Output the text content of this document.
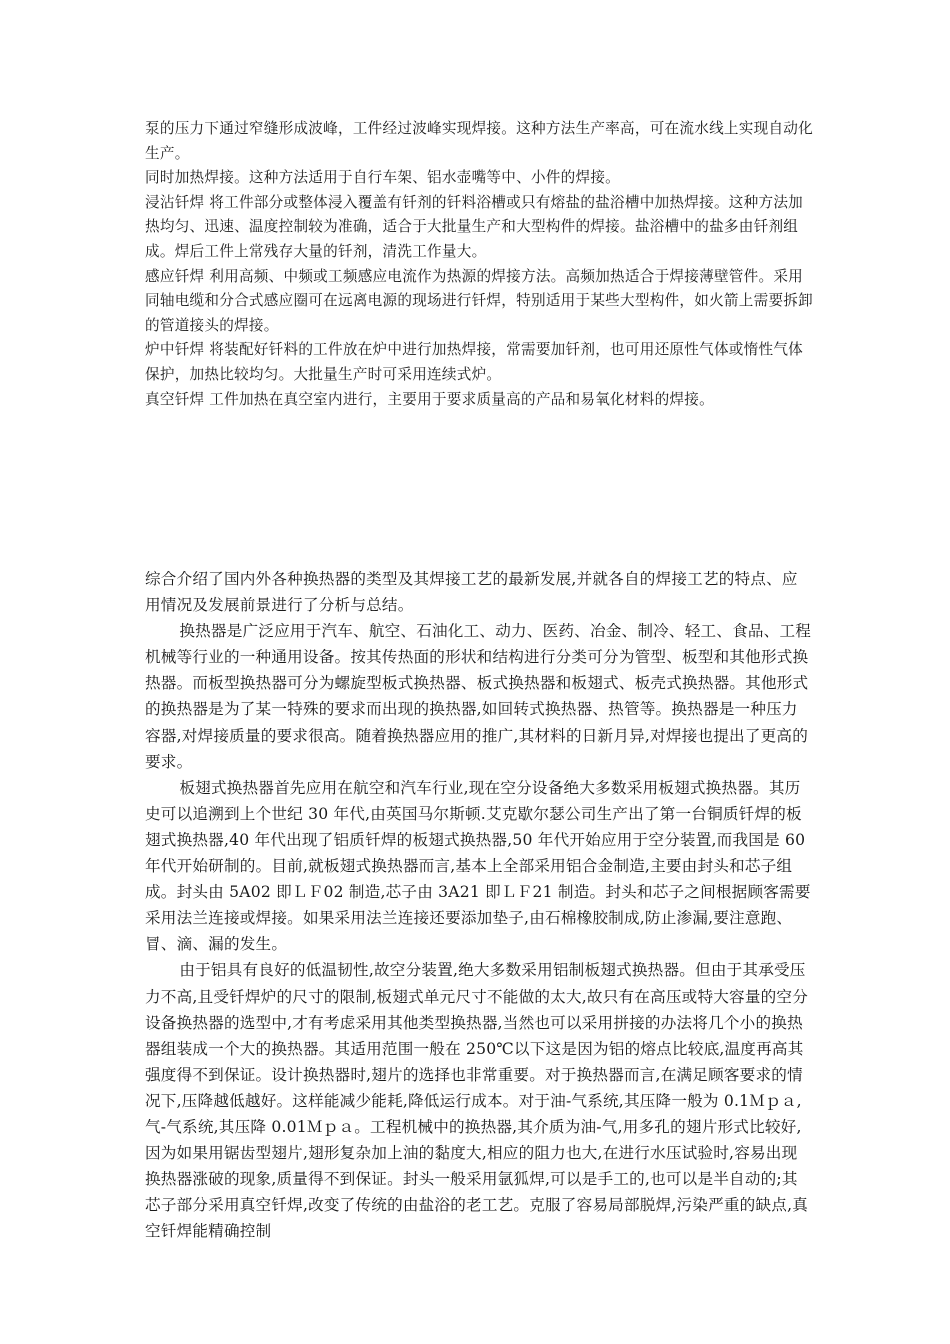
泵的压力下通过窄缝形成波峰，工件经过波峰实现焊接。这种方法生产率高，可在流水线上实现自动化生产。

同时加热焊接。这种方法适用于自行车架、铝水壶嘴等中、小件的焊接。

浸沾钎焊 将工件部分或整体浸入覆盖有钎剂的钎料浴槽或只有熔盐的盐浴槽中加热焊接。这种方法加热均匀、迅速、温度控制较为准确，适合于大批量生产和大型构件的焊接。盐浴槽中的盐多由钎剂组成。焊后工件上常残存大量的钎剂，清洗工作量大。

感应钎焊 利用高频、中频或工频感应电流作为热源的焊接方法。高频加热适合于焊接薄壁管件。采用同轴电缆和分合式感应圈可在远离电源的现场进行钎焊，特别适用于某些大型构件，如火箭上需要拆卸的管道接头的焊接。

炉中钎焊 将装配好钎料的工件放在炉中进行加热焊接，常需要加钎剂，也可用还原性气体或惰性气体保护，加热比较均匀。大批量生产时可采用连续式炉。

真空钎焊 工件加热在真空室内进行，主要用于要求质量高的产品和易氧化材料的焊接。

综合介绍了国内外各种换热器的类型及其焊接工艺的最新发展,并就各自的焊接工艺的特点、应用情况及发展前景进行了分析与总结。

换热器是广泛应用于汽车、航空、石油化工、动力、医药、冶金、制冷、轻工、食品、工程机械等行业的一种通用设备。按其传热面的形状和结构进行分类可分为管型、板型和其他形式换热器。而板型换热器可分为螺旋型板式换热器、板式换热器和板翅式、板壳式换热器。其他形式的换热器是为了某一特殊的要求而出现的换热器,如回转式换热器、热管等。换热器是一种压力容器,对焊接质量的要求很高。随着换热器应用的推广,其材料的日新月异,对焊接也提出了更高的要求。

板翅式换热器首先应用在航空和汽车行业,现在空分设备绝大多数采用板翅式换热器。其历史可以追溯到上个世纪 30 年代,由英国马尔斯顿.艾克歇尔瑟公司生产出了第一台铜质钎焊的板翅式换热器,40 年代出现了铝质钎焊的板翅式换热器,50 年代开始应用于空分装置,而我国是 60 年代开始研制的。目前,就板翅式换热器而言,基本上全部采用铝合金制造,主要由封头和芯子组成。封头由 5A02 即ＬＦ02 制造,芯子由 3A21 即ＬＦ21 制造。封头和芯子之间根据顾客需要采用法兰连接或焊接。如果采用法兰连接还要添加垫子,由石棉橡胶制成,防止渗漏,要注意跑、冒、滴、漏的发生。

由于铝具有良好的低温韧性,故空分装置,绝大多数采用铝制板翅式换热器。但由于其承受压力不高,且受钎焊炉的尺寸的限制,板翅式单元尺寸不能做的太大,故只有在高压或特大容量的空分设备换热器的选型中,才有考虑采用其他类型换热器,当然也可以采用拼接的办法将几个小的换热器组装成一个大的换热器。其适用范围一般在 250℃以下这是因为铝的熔点比较底,温度再高其强度得不到保证。设计换热器时,翅片的选择也非常重要。对于换热器而言,在满足顾客要求的情况下,压降越低越好。这样能减少能耗,降低运行成本。对于油-气系统,其压降一般为 0.1Ｍｐａ,气-气系统,其压降 0.01Ｍｐａ。工程机械中的换热器,其介质为油-气,用多孔的翅片形式比较好,因为如果用锯齿型翅片,翅形复杂加上油的黏度大,相应的阻力也大,在进行水压试验时,容易出现换热器涨破的现象,质量得不到保证。封头一般采用氩狐焊,可以是手工的,也可以是半自动的;其芯子部分采用真空钎焊,改变了传统的由盐浴的老工艺。克服了容易局部脱焊,污染严重的缺点,真空钎焊能精确控制
